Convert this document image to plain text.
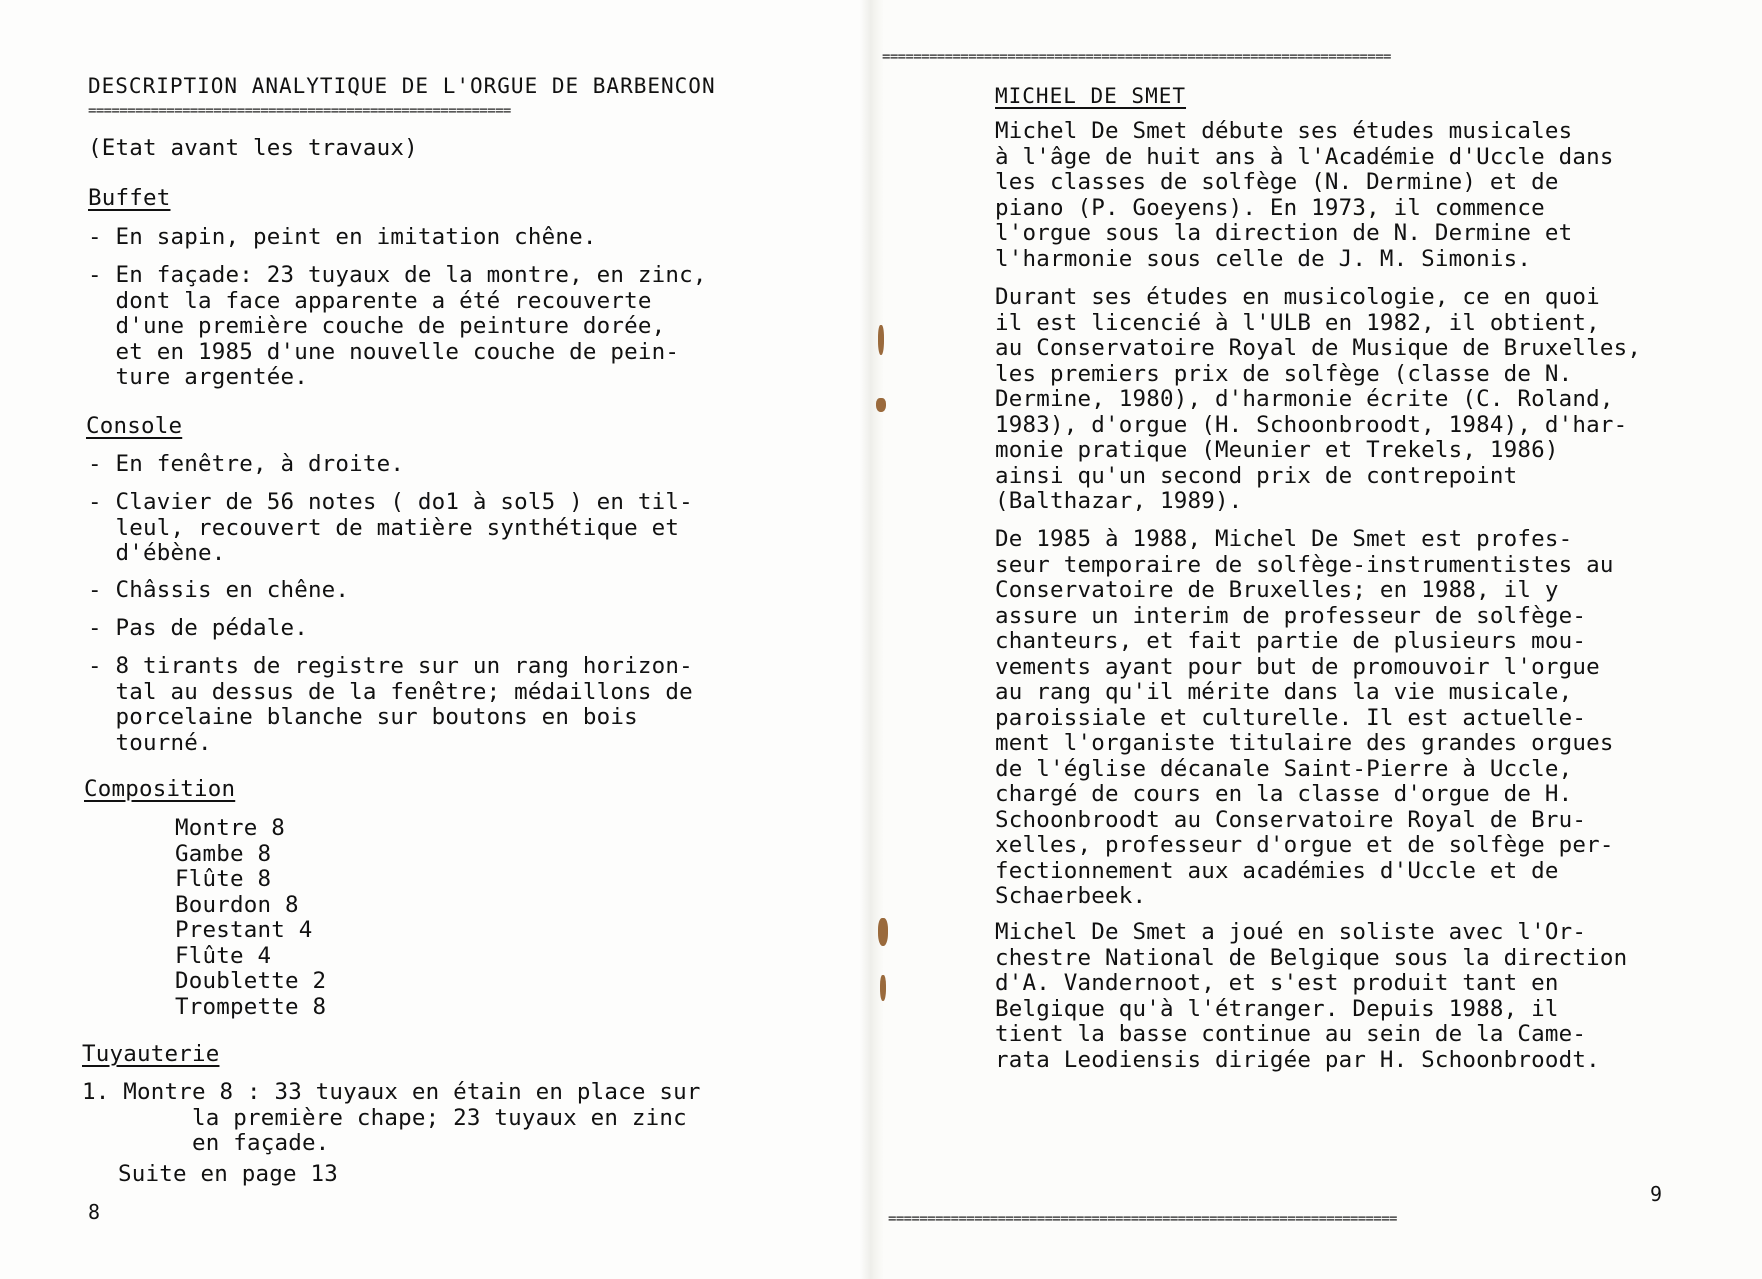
DESCRIPTION ANALYTIQUE DE L'ORGUE DE BARBENCON
======================================================
(Etat avant les travaux)
Buffet
- En sapin, peint en imitation chêne.
- En façade: 23 tuyaux de la montre, en zinc,
dont la face apparente a été recouverte
d'une première couche de peinture dorée,
et en 1985 d'une nouvelle couche de pein-
ture argentée.
Console
- En fenêtre, à droite.
- Clavier de 56 notes ( do1 à sol5 ) en til-
leul, recouvert de matière synthétique et
d'ébène.
- Châssis en chêne.
- Pas de pédale.
- 8 tirants de registre sur un rang horizon-
tal au dessus de la fenêtre; médaillons de
porcelaine blanche sur boutons en bois
tourné.
Composition
Montre 8
Gambe 8
Flûte 8
Bourdon 8
Prestant 4
Flûte 4
Doublette 2
Trompette 8
Tuyauterie
1. Montre 8 : 33 tuyaux en étain en place sur
la première chape; 23 tuyaux en zinc
en façade.
Suite en page 13
8
=================================================================
MICHEL DE SMET
Michel De Smet débute ses études musicales
à l'âge de huit ans à l'Académie d'Uccle dans
les classes de solfège (N. Dermine) et de
piano (P. Goeyens). En 1973, il commence
l'orgue sous la direction de N. Dermine et
l'harmonie sous celle de J. M. Simonis.
Durant ses études en musicologie, ce en quoi
il est licencié à l'ULB en 1982, il obtient,
au Conservatoire Royal de Musique de Bruxelles,
les premiers prix de solfège (classe de N.
Dermine, 1980), d'harmonie écrite (C. Roland,
1983), d'orgue (H. Schoonbroodt, 1984), d'har-
monie pratique (Meunier et Trekels, 1986)
ainsi qu'un second prix de contrepoint
(Balthazar, 1989).
De 1985 à 1988, Michel De Smet est profes-
seur temporaire de solfège-instrumentistes au
Conservatoire de Bruxelles; en 1988, il y
assure un interim de professeur de solfège-
chanteurs, et fait partie de plusieurs mou-
vements ayant pour but de promouvoir l'orgue
au rang qu'il mérite dans la vie musicale,
paroissiale et culturelle. Il est actuelle-
ment l'organiste titulaire des grandes orgues
de l'église décanale Saint-Pierre à Uccle,
chargé de cours en la classe d'orgue de H.
Schoonbroodt au Conservatoire Royal de Bru-
xelles, professeur d'orgue et de solfège per-
fectionnement aux académies d'Uccle et de
Schaerbeek.
Michel De Smet a joué en soliste avec l'Or-
chestre National de Belgique sous la direction
d'A. Vandernoot, et s'est produit tant en
Belgique qu'à l'étranger. Depuis 1988, il
tient la basse continue au sein de la Came-
rata Leodiensis dirigée par H. Schoonbroodt.
9
=================================================================
